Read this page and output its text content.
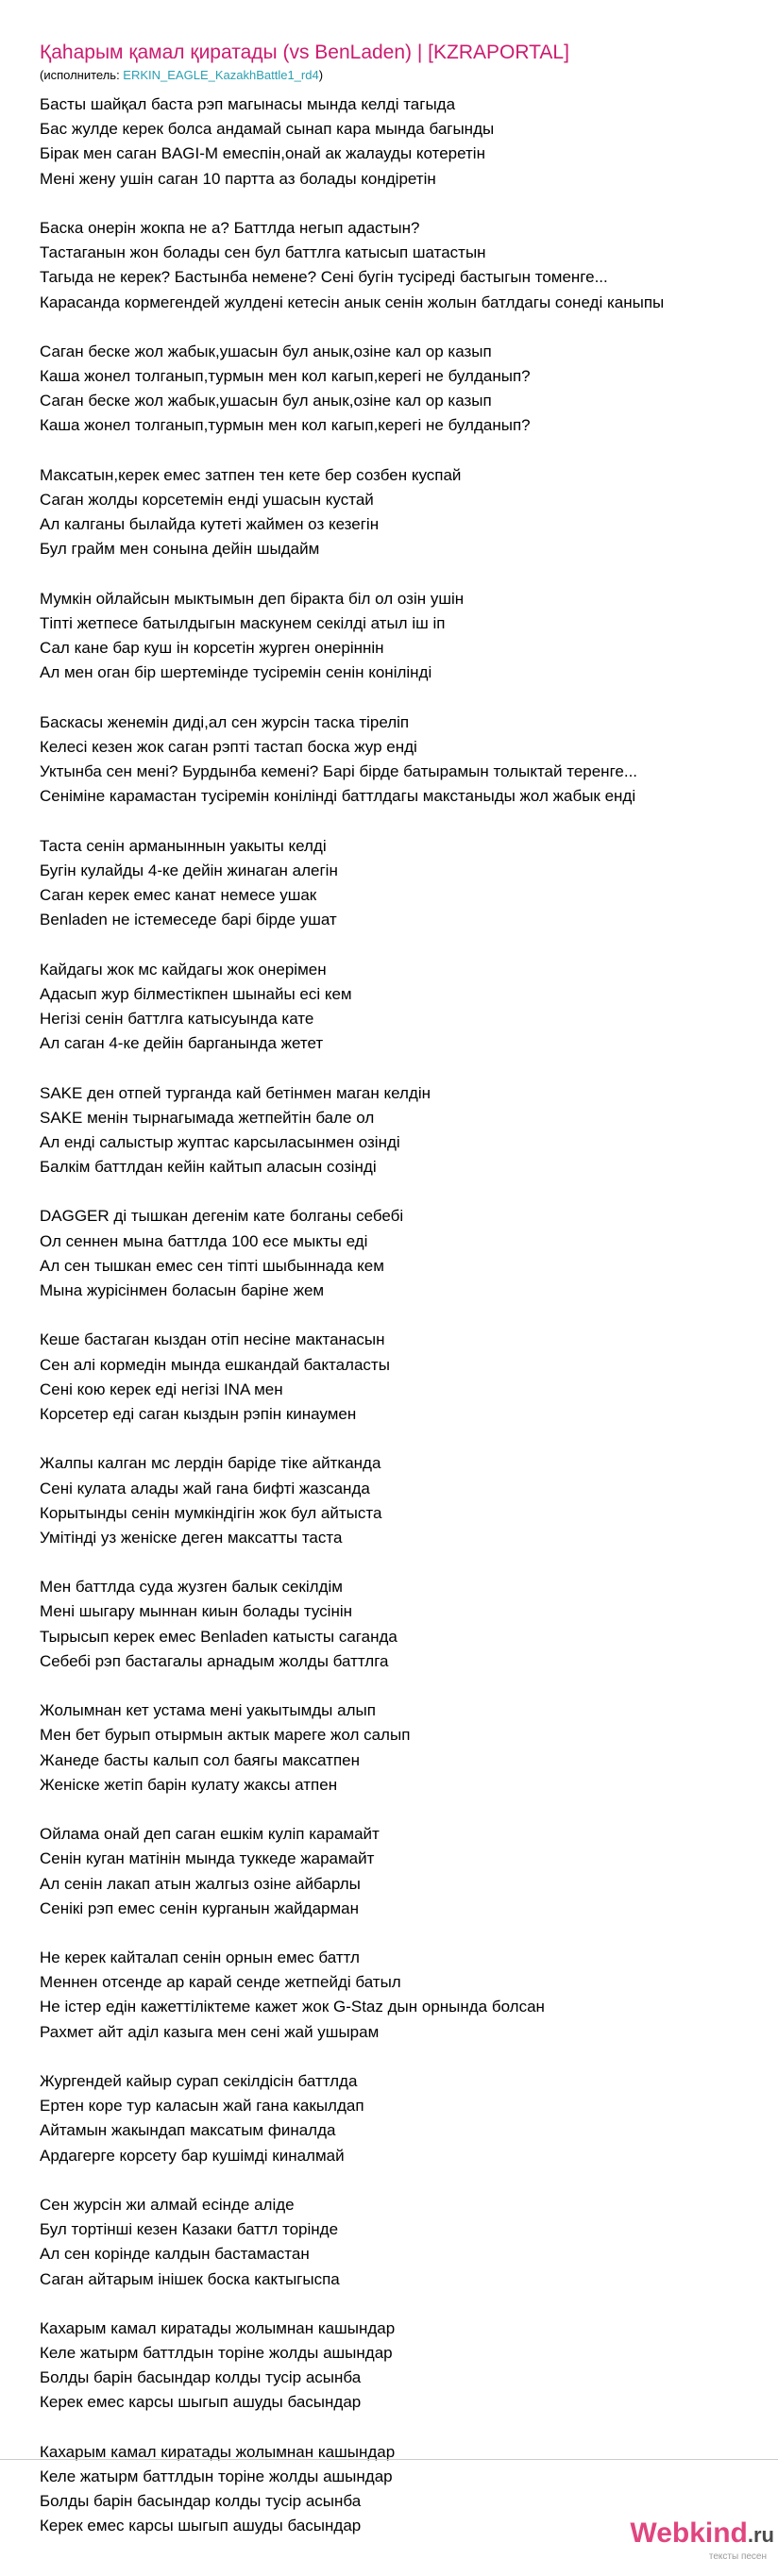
Қаһарым қамал қиратады (vs BenLaden) | [KZRAPORTAL]
(исполнитель: ERKIN_EAGLE_KazakhBattle1_rd4)
Басты шайқал баста рэп магынасы мында келді тагыда
Бас жулде керек болса андамай сынап кара мында багынды
Бірак мен саган BAGI-M емеспін,онай ак жалауды котеретін
Мені жену ушін саган 10 партта аз болады кондіретін
Баска онерін жокпа не а? Баттлда негып адастын?
Тастаганын жон болады сен бул баттлга катысып шатастын
Тагыда не керек? Бастынба немене? Сені бугін тусіреді бастыгын томенге...
Карасанда кормегендей жулдені кетесін анык сенін жолын батлдагы сонеді каныпы
Саган беске жол жабык,ушасын бул анык,озіне кал ор казып
Каша жонел толганып,турмын мен кол кагып,керегі не булданып?
Саган беске жол жабык,ушасын бул анык,озіне кал ор казып
Каша жонел толганып,турмын мен кол кагып,керегі не булданып?
Максатын,керек емес затпен тен кете бер созбен куспай
Саган жолды корсетемін енді ушасын кустай
Ал калганы былайда кутеті жаймен оз кезегін
Бул грайм мен сонына дейін шыдайм
Мумкін ойлайсын мыктымын деп біракта біл ол озін ушін
Тіпті жетпесе батылдыгын маскунем секілді атыл іш іп
Сал кане бар куш ін корсетін журген онеріннін
Ал мен оган бір шертемінде тусіремін сенін конілінді
Баскасы женемін диді,ал сен журсін таска тіреліп
Келесі кезен жок саган рэпті тастап боска жур енді
Уктынба сен мені? Бурдынба кемені? Барі бірде батырамын толыктай теренге...
Сеніміне карамастан тусіремін конілінді баттлдагы макстаныды жол жабык енді
Таста сенін арманыннын уакыты келді
Бугін кулайды 4-ке дейін жинаган алегін
Саган керек емес канат немесе ушак
Benladen не істемеседе барі бірде ушат
Кайдагы жок мс кайдагы жок онерімен
Адасып жур білместікпен шынайы есі кем
Негізі сенін баттлга катысуында кате
Ал саган 4-ке дейін барганында жетет
SAKE ден отпей турганда кай бетінмен маган келдін
SAKE менін тырнагымада жетпейтін бале ол
Ал енді салыстыр жуптас карсыласынмен озінді
Балкім баттлдан кейін кайтып аласын созінді
DAGGER ді тышкан дегенім кате болганы себебі
Ол сеннен мына баттлда 100 есе мыкты еді
Ал сен тышкан емес сен тіпті шыбыннада кем
Мына журісінмен боласын баріне жем
Кеше бастаган кыздан отіп несіне мактанасын
Сен алі кормедін мында ешкандай бакталасты
Сені кою керек еді негізі INA мен
Корсетер еді саган кыздын рэпін кинаумен
Жалпы калган мс лердін баріде тіке айтканда
Сені кулата алады жай гана бифті жазсанда
Корытынды сенін мумкіндігін жок бул айтыста
Умітінді уз женіске деген максатты таста
Мен баттлда суда жузген балык секілдім
Мені шыгару мыннан киын болады тусінін
Тырысып керек емес Benladen катысты саганда
Себебі рэп бастагалы арнадым жолды баттлга
Жолымнан кет устама мені уакытымды алып
Мен бет бурып отырмын актык мареге жол салып
Жанеде басты калып сол баягы максатпен
Женіске жетіп барін кулату жаксы атпен
Ойлама онай деп саган ешкім куліп карамайт
Сенін куган матінін мында туккеде жарамайт
Ал сенін лакап атын жалгыз озіне айбарлы
Сенікі рэп емес сенін курганын жайдарман
Не керек кайталап сенін орнын емес баттл
Меннен отсенде ар карай сенде жетпейді батыл
Не істер едін кажеттіліктеме кажет жок G-Staz дын орнында болсан
Рахмет айт аділ казыга мен сені жай ушырам
Жургендей кайыр сурап секілдісін баттлда
Ертен коре тур каласын жай гана какылдап
Айтамын жакындап максатым финалда
Ардагерге корсету бар кушімді киналмай
Сен журсін жи алмай есінде аліде
Бул тортінші кезен Казаки баттл торінде
Ал сен корінде калдын бастамастан
Саган айтарым інішек боска кактыгыспа
Кахарым камал киратады жолымнан кашындар
Келе жатырм баттлдын торіне жолды ашындар
Болды барін басындар колды тусір асынба
Керек емес карсы шыгып ашуды басындар
Кахарым камал киратады жолымнан кашындар
Келе жатырм баттлдын торіне жолды ашындар
Болды барін басындар колды тусір асынба
Керек емес карсы шыгып ашуды басындар	Webkind.ru
тексты песен
